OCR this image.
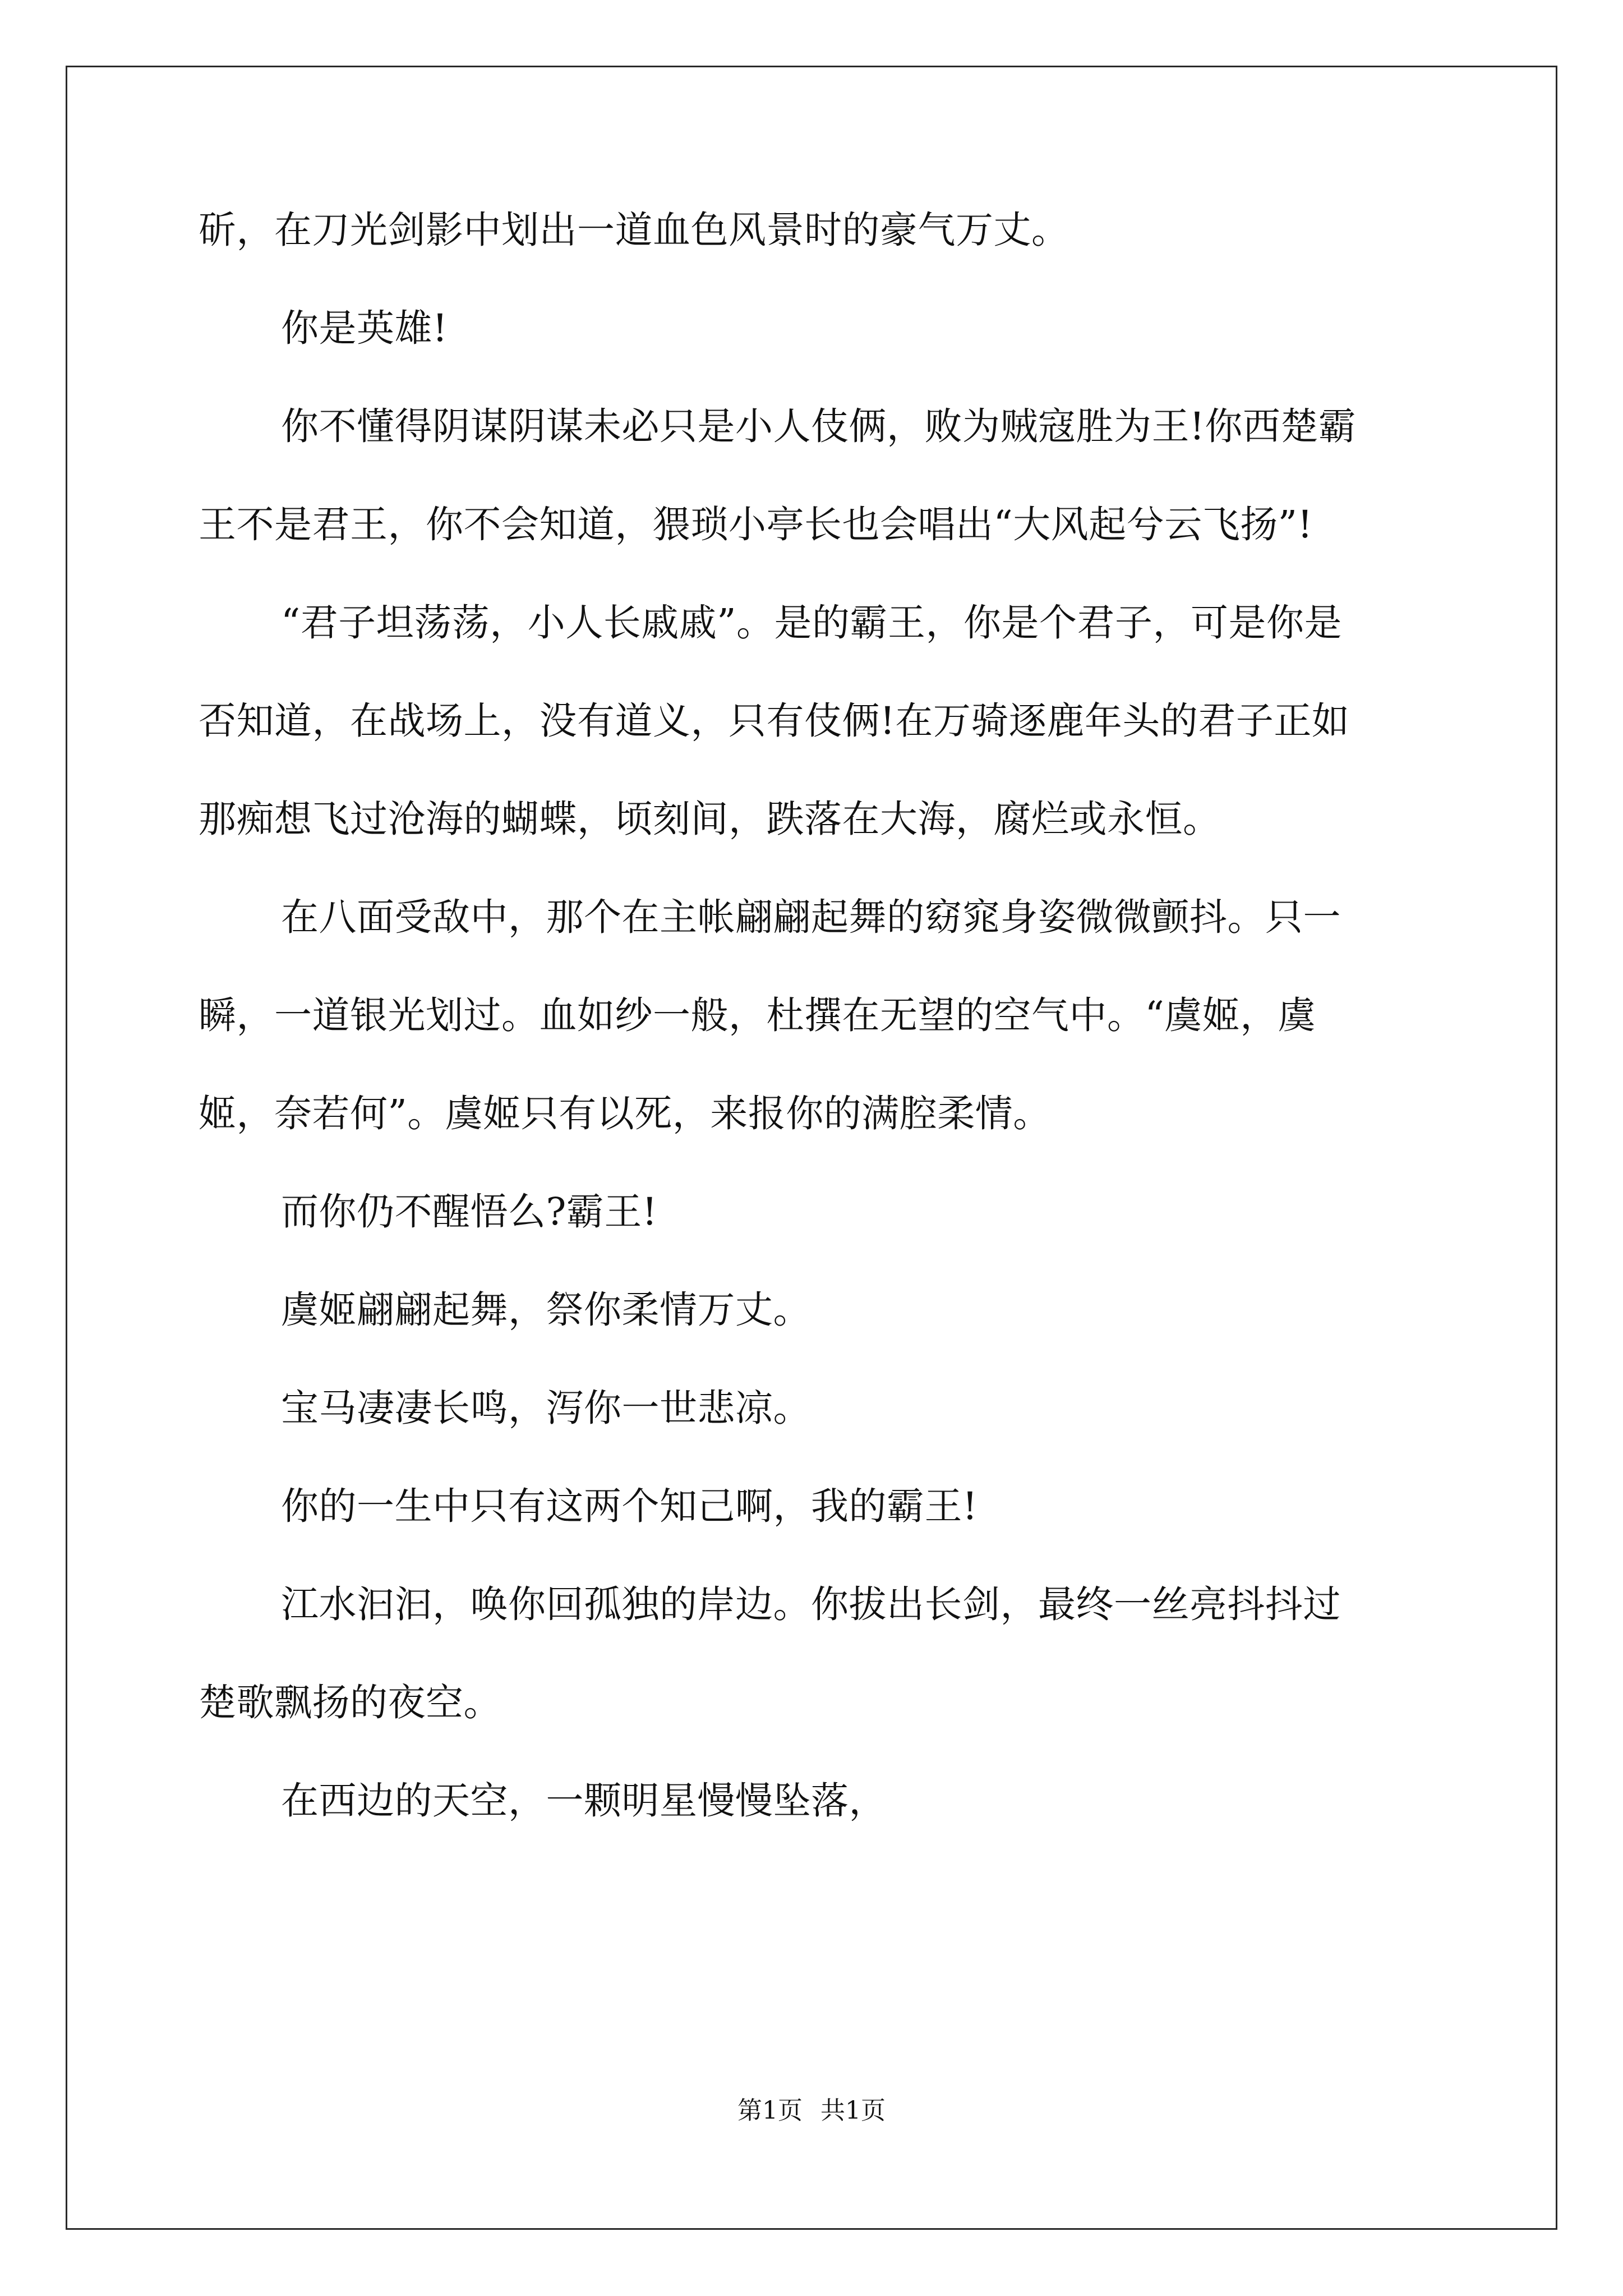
斫，在刀光剑影中划出一道血色风景时的豪气万丈。
你是英雄!
你不懂得阴谋阴谋未必只是小人伎俩，败为贼寇胜为王!你西楚霸
王不是君王，你不会知道，猥琐小亭长也会唱出“大风起兮云飞扬”!
“君子坦荡荡，小人长戚戚”。是的霸王，你是个君子，可是你是
否知道，在战场上，没有道义，只有伎俩!在万骑逐鹿年头的君子正如
那痴想飞过沧海的蝴蝶，顷刻间，跌落在大海，腐烂或永恒。
在八面受敌中，那个在主帐翩翩起舞的窈窕身姿微微颤抖。只一
瞬，一道银光划过。血如纱一般，杜撰在无望的空气中。“虞姬，虞
姬，奈若何”。虞姬只有以死，来报你的满腔柔情。
而你仍不醒悟么?霸王!
虞姬翩翩起舞，祭你柔情万丈。
宝马凄凄长鸣，泻你一世悲凉。
你的一生中只有这两个知己啊，我的霸王!
江水汩汩，唤你回孤独的岸边。你拔出长剑，最终一丝亮抖抖过
楚歌飘扬的夜空。
在西边的天空，一颗明星慢慢坠落，
第1页 共1页
